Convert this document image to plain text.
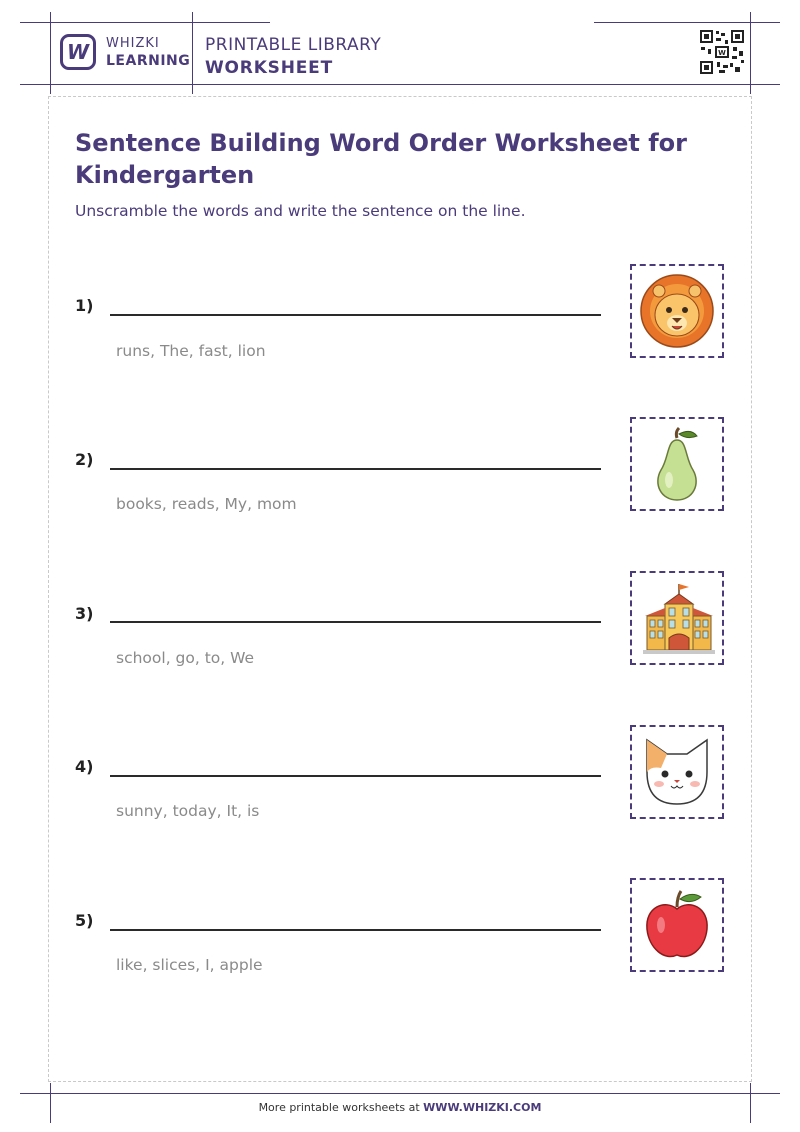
W WHIZKI
LEARNING
PRINTABLE LIBRARY
WORKSHEET
W
Sentence Building Word Order Worksheet for Kindergarten
Unscramble the words and write the sentence on the line.
1)
runs, The, fast, lion
2)
books, reads, My, mom
3)
school, go, to, We
4)
sunny, today, It, is
5)
like, slices, I, apple
More printable worksheets at WWW.WHIZKI.COM
